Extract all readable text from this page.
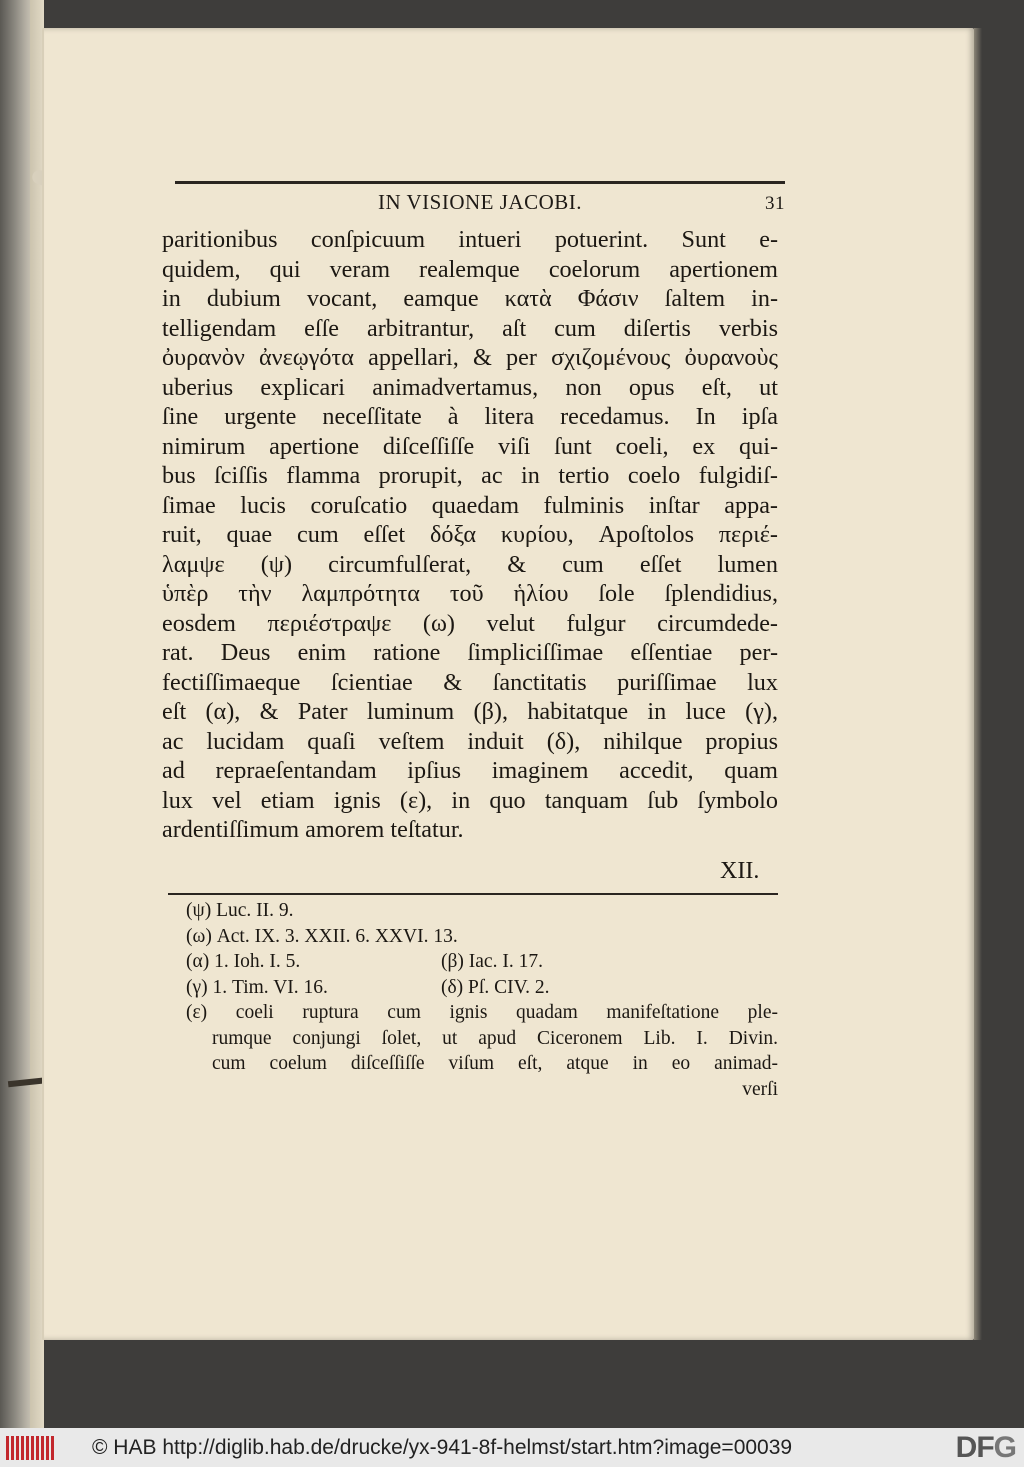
IN VISIONE JACOBI.	31
paritionibus conſpicuum intueri potuerint. Sunt e-
quidem, qui veram realemque coelorum apertionem
in dubium vocant, eamque κατὰ Φάσιν ſaltem in-
telligendam eſſe arbitrantur, aſt cum diſertis verbis
ὀυρανὸν ἀνεῳγότα appellari, & per σχιζομένους ὀυρανοὺς
uberius explicari animadvertamus, non opus eſt, ut
ſine urgente neceſſitate à litera recedamus. In ipſa
nimirum apertione diſceſſiſſe viſi ſunt coeli, ex qui-
bus ſciſſis flamma prorupit, ac in tertio coelo fulgidiſ-
ſimae lucis coruſcatio quaedam fulminis inſtar appa-
ruit, quae cum eſſet δόξα κυρίου, Apoſtolos περιέ-
λαμψε (ψ) circumfulſerat, & cum eſſet lumen
ὑπὲρ τὴν λαμπρότητα τοῦ ἡλίου ſole ſplendidius,
eosdem περιέστραψε (ω) velut fulgur circumdede-
rat. Deus enim ratione ſimpliciſſimae eſſentiae per-
fectiſſimaeque ſcientiae & ſanctitatis puriſſimae lux
eſt (α), & Pater luminum (β), habitatque in luce (γ),
ac lucidam quaſi veſtem induit (δ), nihilque propius
ad repraeſentandam ipſius imaginem accedit, quam
lux vel etiam ignis (ε), in quo tanquam ſub ſymbolo
ardentiſſimum amorem teſtatur.
XII.
(ψ) Luc. II. 9.
(ω) Act. IX. 3. XXII. 6. XXVI. 13.
(α) 1. Ioh. I. 5.	(β) Iac. I. 17.
(γ) 1. Tim. VI. 16.	(δ) Pſ. CIV. 2.
(ε) coeli ruptura cum ignis quadam manifeſtatione ple-
rumque conjungi ſolet, ut apud Ciceronem Lib. I. Divin.
cum coelum diſceſſiſſe viſum eſt, atque in eo animad-
verſi
© HAB http://diglib.hab.de/drucke/yx-941-8f-helmst/start.htm?image=00039	DFG
